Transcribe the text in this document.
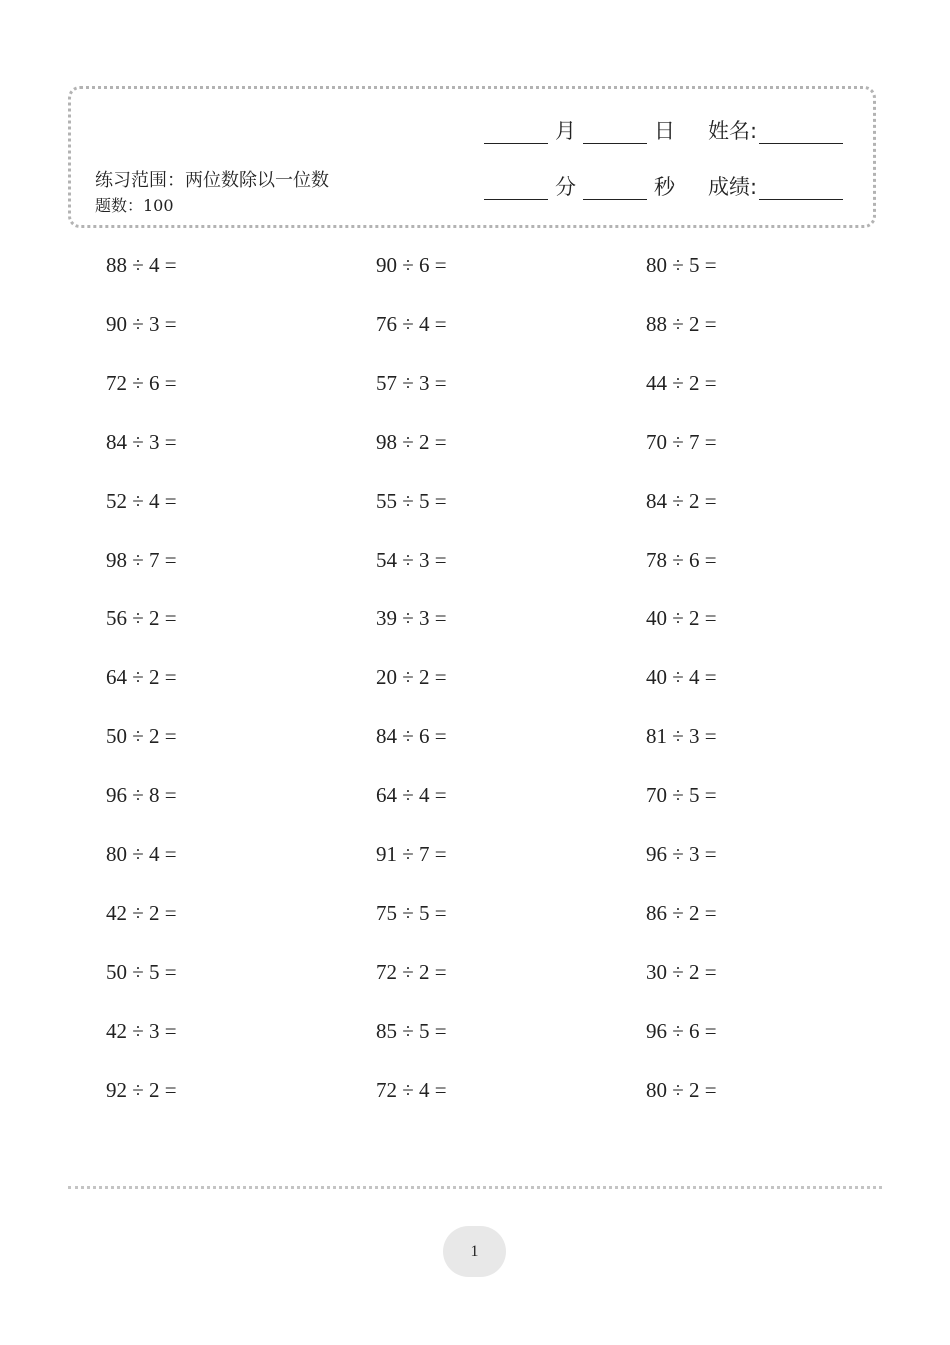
练习范围：两位数除以一位数
题数：100
月	日 姓名:
分	秒 成绩:
88 ÷ 4 =	90 ÷ 6 =	80 ÷ 5 =
90 ÷ 3 =	76 ÷ 4 =	88 ÷ 2 =
72 ÷ 6 =	57 ÷ 3 =	44 ÷ 2 =
84 ÷ 3 =	98 ÷ 2 =	70 ÷ 7 =
52 ÷ 4 =	55 ÷ 5 =	84 ÷ 2 =
98 ÷ 7 =	54 ÷ 3 =	78 ÷ 6 =
56 ÷ 2 =	39 ÷ 3 =	40 ÷ 2 =
64 ÷ 2 =	20 ÷ 2 =	40 ÷ 4 =
50 ÷ 2 =	84 ÷ 6 =	81 ÷ 3 =
96 ÷ 8 =	64 ÷ 4 =	70 ÷ 5 =
80 ÷ 4 =	91 ÷ 7 =	96 ÷ 3 =
42 ÷ 2 =	75 ÷ 5 =	86 ÷ 2 =
50 ÷ 5 =	72 ÷ 2 =	30 ÷ 2 =
42 ÷ 3 =	85 ÷ 5 =	96 ÷ 6 =
92 ÷ 2 =	72 ÷ 4 =	80 ÷ 2 =
1
